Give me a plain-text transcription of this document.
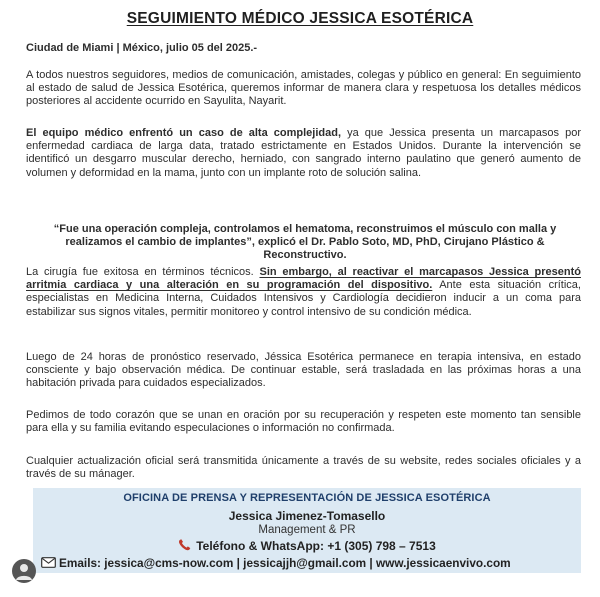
SEGUIMIENTO MÉDICO JESSICA ESOTÉRICA

Ciudad de Miami | México, julio 05 del 2025.-

A todos nuestros seguidores, medios de comunicación, amistades, colegas y público en general: En seguimiento al estado de salud de Jessica Esotérica, queremos informar de manera clara y respetuosa los detalles médicos posteriores al accidente ocurrido en Sayulita, Nayarit.

El equipo médico enfrentó un caso de alta complejidad, ya que Jessica presenta un marcapasos por enfermedad cardiaca de larga data, tratado estrictamente en Estados Unidos. Durante la intervención se identificó un desgarro muscular derecho, herniado, con sangrado interno paulatino que generó aumento de volumen y deformidad en la mama, junto con un implante roto de solución salina.

“Fue una operación compleja, controlamos el hematoma, reconstruimos el músculo con malla y realizamos el cambio de implantes”, explicó el Dr. Pablo Soto, MD, PhD, Cirujano Plástico & Reconstructivo.

La cirugía fue exitosa en términos técnicos. Sin embargo, al reactivar el marcapasos Jessica presentó arritmia cardiaca y una alteración en su programación del dispositivo. Ante esta situación crítica, especialistas en Medicina Interna, Cuidados Intensivos y Cardiología decidieron inducir a un coma para estabilizar sus signos vitales, permitir monitoreo y control intensivo de su condición médica.

Luego de 24 horas de pronóstico reservado, Jéssica Esotérica permanece en terapia intensiva, en estado consciente y bajo observación médica. De continuar estable, será trasladada en las próximas horas a una habitación privada para cuidados especializados.

Pedimos de todo corazón que se unan en oración por su recuperación y respeten este momento tan sensible para ella y su familia evitando especulaciones o información no confirmada.

Cualquier actualización oficial será transmitida únicamente a través de su website, redes sociales oficiales y a través de su mánager.

OFICINA DE PRENSA Y REPRESENTACIÓN DE JESSICA ESOTÉRICA
Jessica Jimenez-Tomasello
Management & PR
Teléfono & WhatsApp: +1 (305) 798 – 7513
Emails: jessica@cms-now.com | jessicajjh@gmail.com | www.jessicaenvivo.com
